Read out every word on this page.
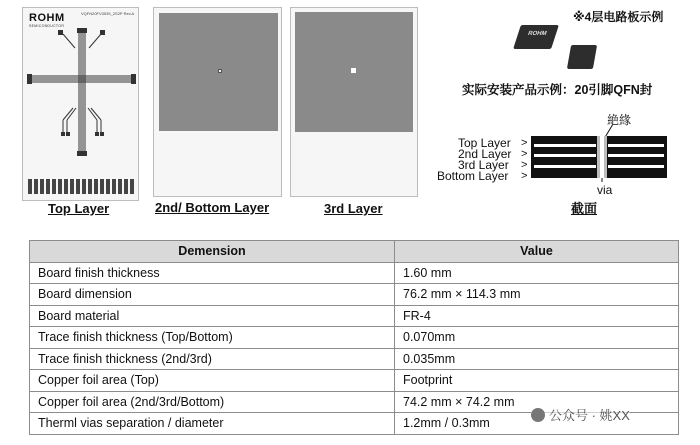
ROHM
SEMICONDUCTOR
VQFN20FV3535_2S2P Rev.A
Top Layer	2nd/ Bottom Layer	3rd Layer
※4层电路板示例
ROHM
实际安装产品示例：20引脚QFN封
絶緣
Top Layer
2nd Layer
3rd Layer
Bottom Layer
>
>
>
>
via
截面
Demension	Value
Board finish thickness	1.60 mm
Board dimension	76.2 mm × 114.3 mm
Board material	FR-4
Trace finish thickness (Top/Bottom)	0.070mm
Trace finish thickness (2nd/3rd)	0.035mm
Copper foil area (Top)	Footprint
Copper foil area (2nd/3rd/Bottom)	74.2 mm × 74.2 mm
Therml vias separation / diameter	1.2mm / 0.3mm
公众号 · 姚XX
